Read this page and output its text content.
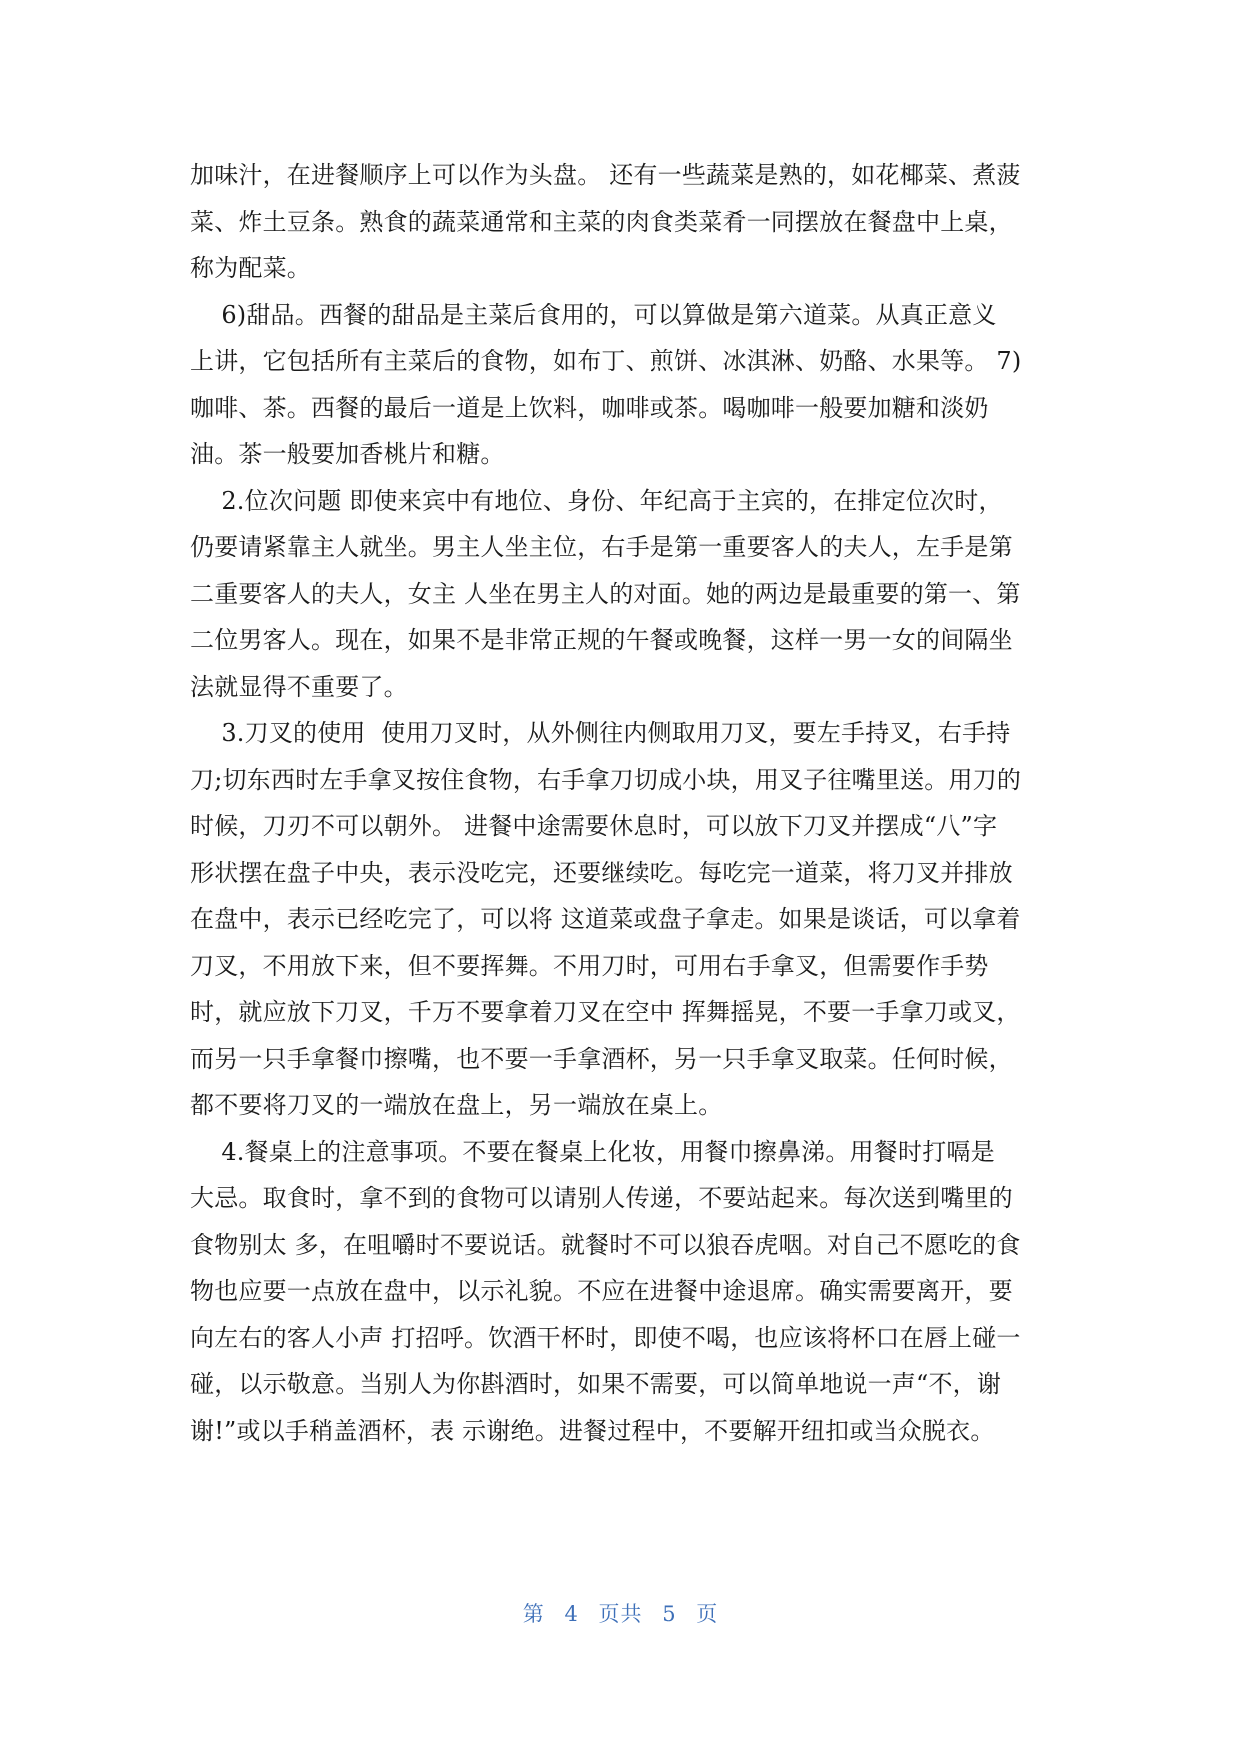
加味汁，在进餐顺序上可以作为头盘。 还有一些蔬菜是熟的，如花椰菜、煮菠
菜、炸土豆条。熟食的蔬菜通常和主菜的肉食类菜肴一同摆放在餐盘中上桌，
称为配菜。
6)甜品。西餐的甜品是主菜后食用的，可以算做是第六道菜。从真正意义
上讲，它包括所有主菜后的食物，如布丁、煎饼、冰淇淋、奶酪、水果等。 7)
咖啡、茶。西餐的最后一道是上饮料，咖啡或茶。喝咖啡一般要加糖和淡奶
油。茶一般要加香桃片和糖。
2.位次问题 即使来宾中有地位、身份、年纪高于主宾的，在排定位次时，
仍要请紧靠主人就坐。男主人坐主位，右手是第一重要客人的夫人，左手是第
二重要客人的夫人，女主 人坐在男主人的对面。她的两边是最重要的第一、第
二位男客人。现在，如果不是非常正规的午餐或晚餐，这样一男一女的间隔坐
法就显得不重要了。
3.刀叉的使用  使用刀叉时，从外侧往内侧取用刀叉，要左手持叉，右手持
刀;切东西时左手拿叉按住食物，右手拿刀切成小块，用叉子往嘴里送。用刀的
时候，刀刃不可以朝外。 进餐中途需要休息时，可以放下刀叉并摆成“八”字
形状摆在盘子中央，表示没吃完，还要继续吃。每吃完一道菜，将刀叉并排放
在盘中，表示已经吃完了，可以将 这道菜或盘子拿走。如果是谈话，可以拿着
刀叉，不用放下来，但不要挥舞。不用刀时，可用右手拿叉，但需要作手势
时，就应放下刀叉，千万不要拿着刀叉在空中 挥舞摇晃，不要一手拿刀或叉，
而另一只手拿餐巾擦嘴，也不要一手拿酒杯，另一只手拿叉取菜。任何时候，
都不要将刀叉的一端放在盘上，另一端放在桌上。
4.餐桌上的注意事项。不要在餐桌上化妆，用餐巾擦鼻涕。用餐时打嗝是
大忌。取食时，拿不到的食物可以请别人传递，不要站起来。每次送到嘴里的
食物别太 多，在咀嚼时不要说话。就餐时不可以狼吞虎咽。对自己不愿吃的食
物也应要一点放在盘中，以示礼貌。不应在进餐中途退席。确实需要离开，要
向左右的客人小声 打招呼。饮酒干杯时，即使不喝，也应该将杯口在唇上碰一
碰，以示敬意。当别人为你斟酒时，如果不需要，可以简单地说一声“不，谢
谢!”或以手稍盖酒杯，表 示谢绝。进餐过程中，不要解开纽扣或当众脱衣。
第 4 页共 5 页
